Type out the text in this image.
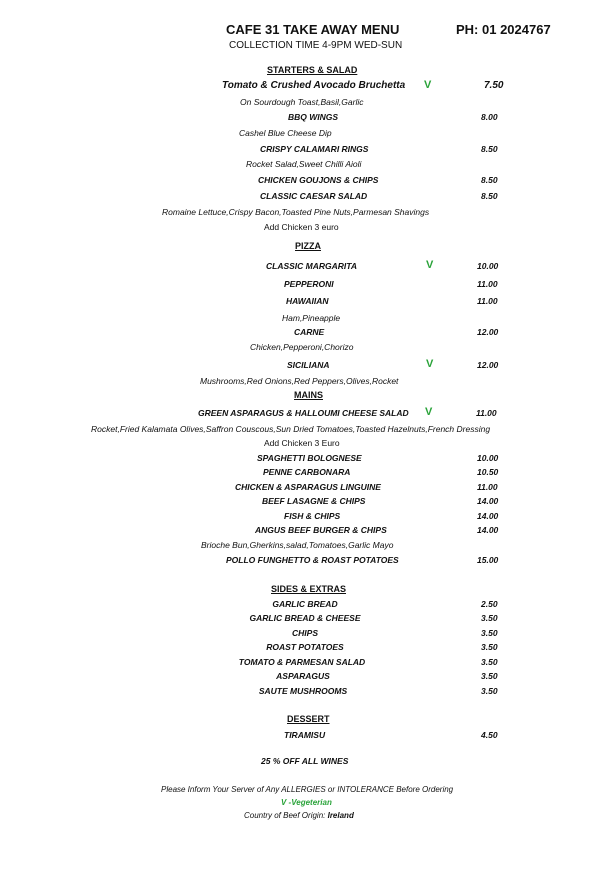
CAFE 31 TAKE AWAY MENU	PH: 01 2024767
COLLECTION TIME 4-9PM WED-SUN
STARTERS & SALAD
Tomato & Crushed Avocado Bruchetta V	7.50
On Sourdough Toast,Basil,Garlic
BBQ WINGS	8.00
Cashel Blue Cheese Dip
CRISPY CALAMARI RINGS	8.50
Rocket Salad,Sweet Chilli Aioli
CHICKEN GOUJONS & CHIPS	8.50
CLASSIC CAESAR SALAD	8.50
Romaine Lettuce,Crispy Bacon,Toasted Pine Nuts,Parmesan Shavings
Add Chicken 3 euro
PIZZA
CLASSIC MARGARITA	V	10.00
PEPPERONI	11.00
HAWAIIAN	11.00
Ham,Pineapple
CARNE	12.00
Chicken,Pepperoni,Chorizo
SICILIANA	V	12.00
Mushrooms,Red Onions,Red Peppers,Olives,Rocket
MAINS
GREEN ASPARAGUS & HALLOUMI CHEESE SALAD V	11.00
Rocket,Fried Kalamata Olives,Saffron Couscous,Sun Dried Tomatoes,Toasted Hazelnuts,French Dressing
Add Chicken 3 Euro
SPAGHETTI BOLOGNESE	10.00
PENNE CARBONARA	10.50
CHICKEN & ASPARAGUS LINGUINE	11.00
BEEF LASAGNE & CHIPS	14.00
FISH & CHIPS	14.00
ANGUS BEEF BURGER & CHIPS	14.00
Brioche Bun,Gherkins,salad,Tomatoes,Garlic Mayo
POLLO FUNGHETTO & ROAST POTATOES	15.00
SIDES & EXTRAS
GARLIC BREAD	2.50
GARLIC BREAD & CHEESE	3.50
CHIPS	3.50
ROAST POTATOES	3.50
TOMATO & PARMESAN SALAD	3.50
ASPARAGUS	3.50
SAUTE MUSHROOMS	3.50
DESSERT
TIRAMISU	4.50
25 % OFF ALL WINES
Please Inform Your Server of Any ALLERGIES or INTOLERANCE Before Ordering
V -Vegeterian
Country of Beef Origin: Ireland
